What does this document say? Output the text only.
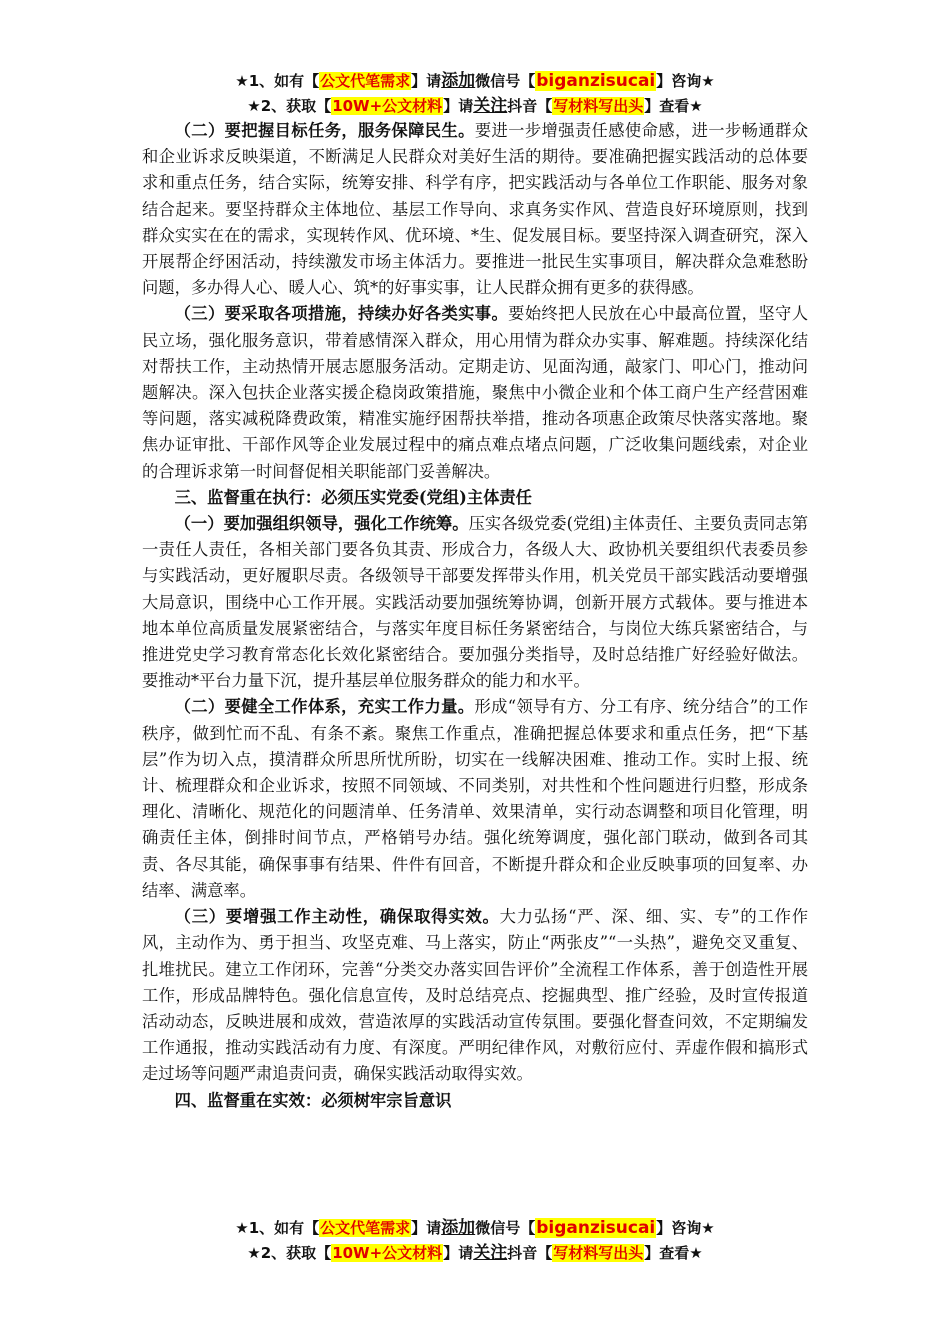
★1、如有【公文代笔需求】请添加微信号【biganzisucai】咨询★
★2、获取【10W+公文材料】请关注抖音【写材料写出头】查看★

（二）要把握目标任务，服务保障民生。要进一步增强责任感使命感，进一步畅通群众和企业诉求反映渠道，不断满足人民群众对美好生活的期待。要准确把握实践活动的总体要求和重点任务，结合实际，统筹安排、科学有序，把实践活动与各单位工作职能、服务对象结合起来。要坚持群众主体地位、基层工作导向、求真务实作风、营造良好环境原则，找到群众实实在在的需求，实现转作风、优环境、*生、促发展目标。要坚持深入调查研究，深入开展帮企纾困活动，持续激发市场主体活力。要推进一批民生实事项目，解决群众急难愁盼问题，多办得人心、暖人心、筑*的好事实事，让人民群众拥有更多的获得感。

（三）要采取各项措施，持续办好各类实事。要始终把人民放在心中最高位置，坚守人民立场，强化服务意识，带着感情深入群众，用心用情为群众办实事、解难题。持续深化结对帮扶工作，主动热情开展志愿服务活动。定期走访、见面沟通，敲家门、叩心门，推动问题解决。深入包扶企业落实援企稳岗政策措施，聚焦中小微企业和个体工商户生产经营困难等问题，落实减税降费政策，精准实施纾困帮扶举措，推动各项惠企政策尽快落实落地。聚焦办证审批、干部作风等企业发展过程中的痛点难点堵点问题，广泛收集问题线索，对企业的合理诉求第一时间督促相关职能部门妥善解决。

三、监督重在执行：必须压实党委(党组)主体责任

（一）要加强组织领导，强化工作统筹。压实各级党委(党组)主体责任、主要负责同志第一责任人责任，各相关部门要各负其责、形成合力，各级人大、政协机关要组织代表委员参与实践活动，更好履职尽责。各级领导干部要发挥带头作用，机关党员干部实践活动要增强大局意识，围绕中心工作开展。实践活动要加强统筹协调，创新开展方式载体。要与推进本地本单位高质量发展紧密结合，与落实年度目标任务紧密结合，与岗位大练兵紧密结合，与推进党史学习教育常态化长效化紧密结合。要加强分类指导，及时总结推广好经验好做法。要推动*平台力量下沉，提升基层单位服务群众的能力和水平。

（二）要健全工作体系，充实工作力量。形成“领导有方、分工有序、统分结合”的工作秩序，做到忙而不乱、有条不紊。聚焦工作重点，准确把握总体要求和重点任务，把“下基层”作为切入点，摸清群众所思所忧所盼，切实在一线解决困难、推动工作。实时上报、统计、梳理群众和企业诉求，按照不同领域、不同类别，对共性和个性问题进行归整，形成条理化、清晰化、规范化的问题清单、任务清单、效果清单，实行动态调整和项目化管理，明确责任主体，倒排时间节点，严格销号办结。强化统筹调度，强化部门联动，做到各司其责、各尽其能，确保事事有结果、件件有回音，不断提升群众和企业反映事项的回复率、办结率、满意率。

（三）要增强工作主动性，确保取得实效。大力弘扬“严、深、细、实、专”的工作作风，主动作为、勇于担当、攻坚克难、马上落实，防止“两张皮”“一头热”，避免交叉重复、扎堆扰民。建立工作闭环，完善“分类交办落实回告评价”全流程工作体系，善于创造性开展工作，形成品牌特色。强化信息宣传，及时总结亮点、挖掘典型、推广经验，及时宣传报道活动动态，反映进展和成效，营造浓厚的实践活动宣传氛围。要强化督查问效，不定期编发工作通报，推动实践活动有力度、有深度。严明纪律作风，对敷衍应付、弄虚作假和搞形式走过场等问题严肃追责问责，确保实践活动取得实效。

四、监督重在实效：必须树牢宗旨意识

★1、如有【公文代笔需求】请添加微信号【biganzisucai】咨询★
★2、获取【10W+公文材料】请关注抖音【写材料写出头】查看★
